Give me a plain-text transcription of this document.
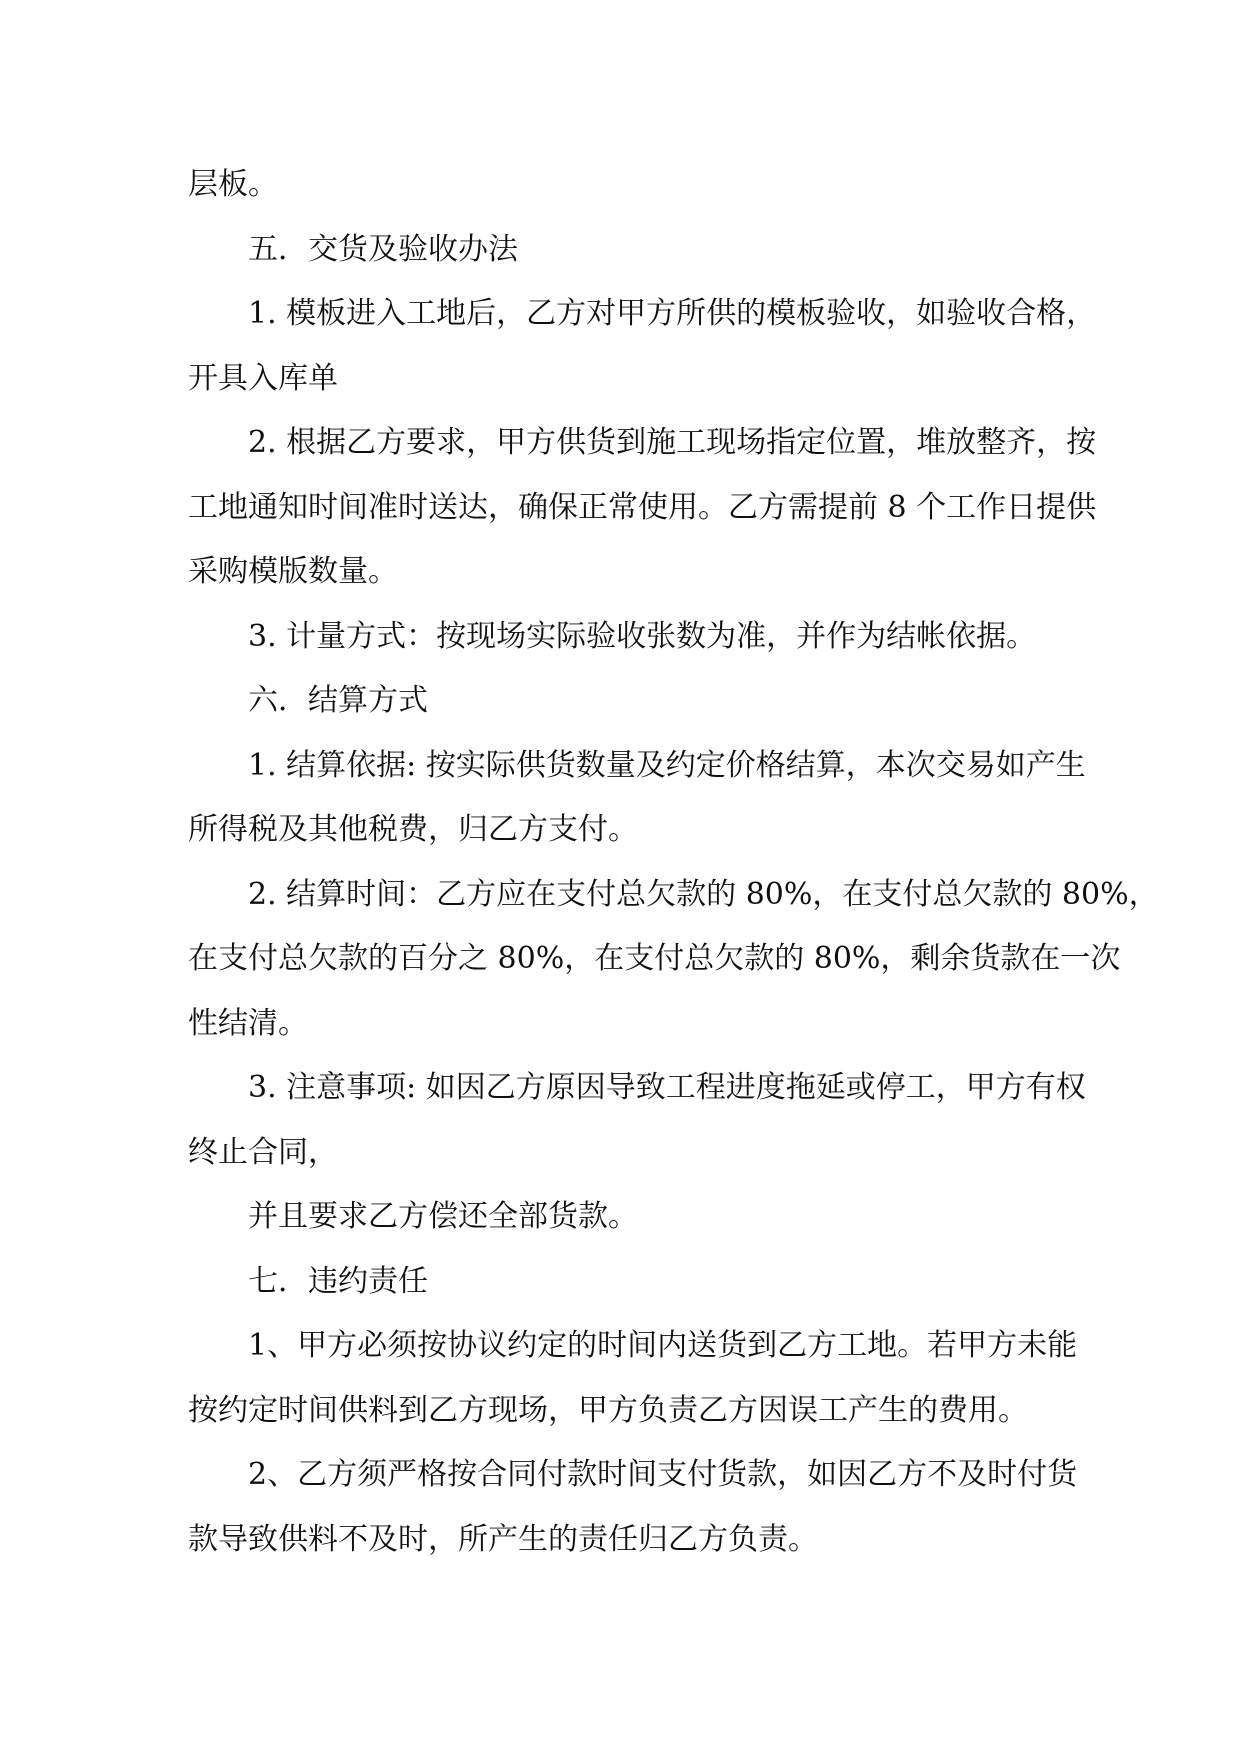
层板。
五．交货及验收办法
1. 模板进入工地后，乙方对甲方所供的模板验收，如验收合格，
开具入库单
2. 根据乙方要求，甲方供货到施工现场指定位置，堆放整齐，按
工地通知时间准时送达，确保正常使用。乙方需提前 8 个工作日提供
采购模版数量。
3. 计量方式：按现场实际验收张数为准，并作为结帐依据。
六．结算方式
1. 结算依据: 按实际供货数量及约定价格结算，本次交易如产生
所得税及其他税费，归乙方支付。
2. 结算时间：乙方应在支付总欠款的 80%，在支付总欠款的 80%，
在支付总欠款的百分之 80%，在支付总欠款的 80%，剩余货款在一次
性结清。
3. 注意事项: 如因乙方原因导致工程进度拖延或停工，甲方有权
终止合同，
并且要求乙方偿还全部货款。
七．违约责任
1、甲方必须按协议约定的时间内送货到乙方工地。若甲方未能
按约定时间供料到乙方现场，甲方负责乙方因误工产生的费用。
2、乙方须严格按合同付款时间支付货款，如因乙方不及时付货
款导致供料不及时，所产生的责任归乙方负责。
